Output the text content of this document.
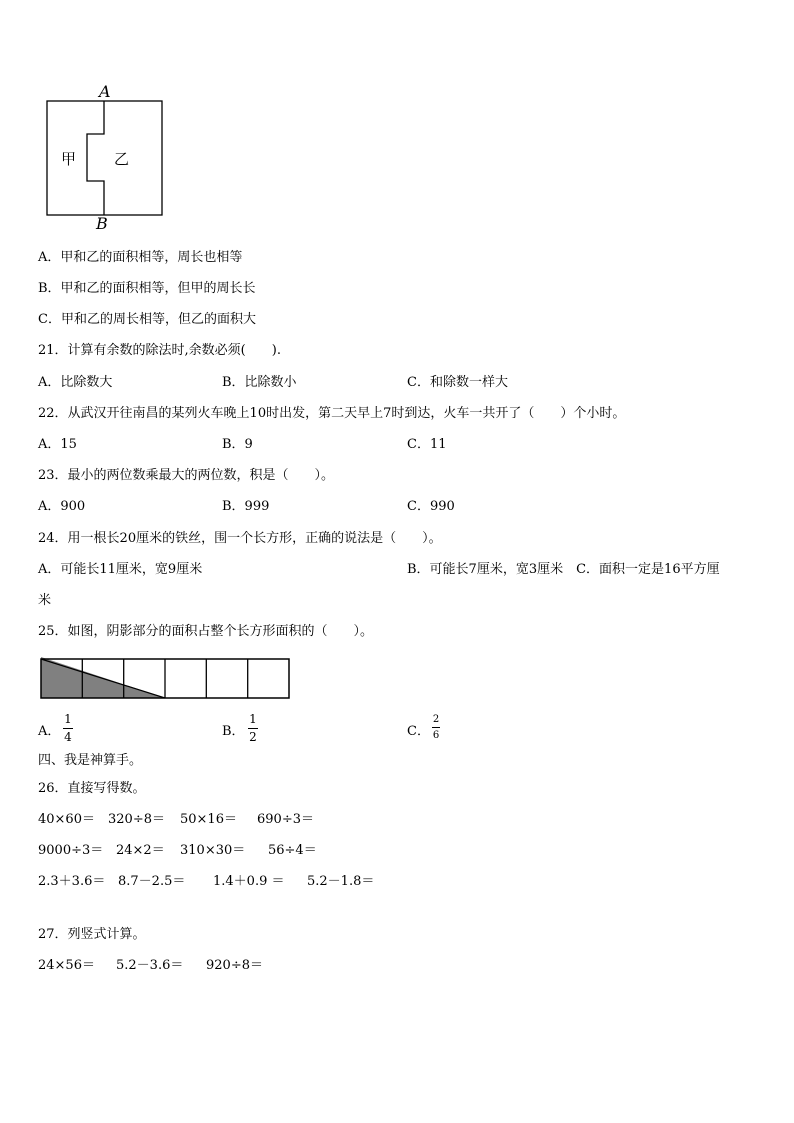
A
B
甲	乙
A．甲和乙的面积相等，周长也相等
B．甲和乙的面积相等，但甲的周长长
C．甲和乙的周长相等，但乙的面积大
21．计算有余数的除法时,余数必须(　　).
A．比除数大	B．比除数小	C．和除数一样大
22．从武汉开往南昌的某列火车晚上10时出发，第二天早上7时到达，火车一共开了（　　）个小时。
A．15	B．9	C．11
23．最小的两位数乘最大的两位数，积是（　　）。
A．900	B．999	C．990
24．用一根长20厘米的铁丝，围一个长方形，正确的说法是（　　）。
A．可能长11厘米，宽9厘米	B．可能长7厘米，宽3厘米　C．面积一定是16平方厘
米
25．如图，阴影部分的面积占整个长方形面积的（　　）。
A．
1
4	B．
1
2	C．
2
6
四、我是神算手。
26．直接写得数。
40×60＝ 320÷8＝ 50×16＝ 690÷3＝
9000÷3＝ 24×2＝ 310×30＝ 56÷4＝
2.3＋3.6＝ 8.7－2.5＝ 1.4＋0.9 ＝ 5.2－1.8＝
27．列竖式计算。
24×56＝ 5.2－3.6＝ 920÷8＝
